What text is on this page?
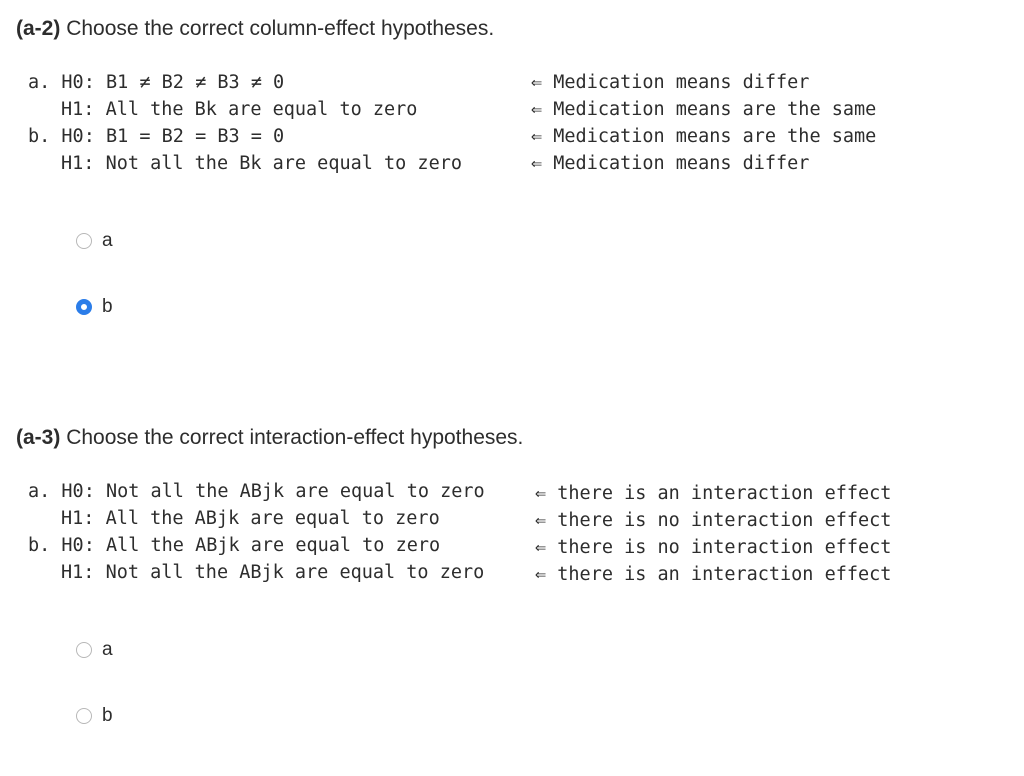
(a-2) Choose the correct column-effect hypotheses.

a. H0: B1 ≠ B2 ≠ B3 ≠ 0

H1: All the Bk are equal to zero

b. H0: B1 = B2 = B3 = 0

H1: Not all the Bk are equal to zero

⇐ Medication means differ

⇐ Medication means are the same

⇐ Medication means are the same

⇐ Medication means differ

a
b
(a-3) Choose the correct interaction-effect hypotheses.

a. H0: Not all the ABjk are equal to zero

H1: All the ABjk are equal to zero

b. H0: All the ABjk are equal to zero

H1: Not all the ABjk are equal to zero

⇐ there is an interaction effect

⇐ there is no interaction effect

⇐ there is no interaction effect

⇐ there is an interaction effect

a
b
